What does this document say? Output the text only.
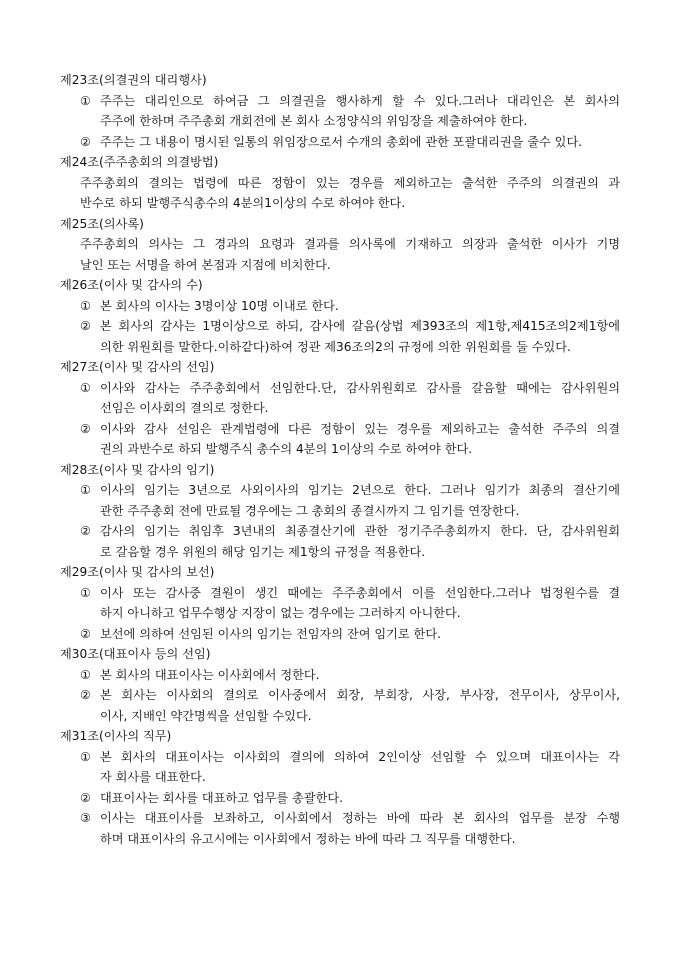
제23조(의결권의 대리행사)
① 주주는 대리인으로 하여금 그 의결권을 행사하게 할 수 있다.그러나 대리인은 본 회사의
주주에 한하며 주주총회 개회전에 본 회사 소정양식의 위임장을 제출하여야 한다.
② 주주는 그 내용이 명시된 일통의 위임장으로서 수개의 총회에 관한 포괄대리권을 줄수 있다.
제24조(주주총회의 의결방법)
주주총회의 결의는 법령에 따른 정함이 있는 경우를 제외하고는 출석한 주주의 의결권의 과
반수로 하되 발행주식총수의 4분의1이상의 수로 하여야 한다.
제25조(의사록)
주주총회의 의사는 그 경과의 요령과 결과를 의사록에 기재하고 의장과 출석한 이사가 기명
날인 또는 서명을 하여 본점과 지점에 비치한다.
제26조(이사 및 감사의 수)
① 본 회사의 이사는 3명이상 10명 이내로 한다.
② 본 회사의 감사는 1명이상으로 하되, 감사에 갈음(상법 제393조의 제1항,제415조의2제1항에
의한 위원회를 말한다.이하같다)하여 정관 제36조의2의 규정에 의한 위원회를 둘 수있다.
제27조(이사 및 감사의 선임)
① 이사와 감사는 주주총회에서 선임한다.단, 감사위원회로 감사를 갈음할 때에는 감사위원의
선임은 이사회의 결의로 정한다.
② 이사와 감사 선임은 관계법령에 다른 정함이 있는 경우를 제외하고는 출석한 주주의 의결
권의 과반수로 하되 발행주식 총수의 4분의 1이상의 수로 하여야 한다.
제28조(이사 및 감사의 임기)
① 이사의 임기는 3년으로 사외이사의 임기는 2년으로 한다. 그러나 임기가 최종의 결산기에
관한 주주총회 전에 만료될 경우에는 그 총회의 종결시까지 그 임기를 연장한다.
② 감사의 임기는 취임후 3년내의 최종결산기에 관한 정기주주총회까지 한다. 단, 감사위원회
로 갈음할 경우 위원의 해당 임기는 제1항의 규정을 적용한다.
제29조(이사 및 감사의 보선)
① 이사 또는 감사중 결원이 생긴 때에는 주주총회에서 이를 선임한다.그러나 법정원수를 결
하지 아니하고 업무수행상 지장이 없는 경우에는 그러하지 아니한다.
② 보선에 의하여 선임된 이사의 임기는 전임자의 잔여 임기로 한다.
제30조(대표이사 등의 선임)
① 본 회사의 대표이사는 이사회에서 정한다.
② 본 회사는 이사회의 결의로 이사중에서 회장, 부회장, 사장, 부사장, 전무이사, 상무이사,
이사, 지배인 약간명씩을 선임할 수있다.
제31조(이사의 직무)
① 본 회사의 대표이사는 이사회의 결의에 의하여 2인이상 선임할 수 있으며 대표이사는 각
자 회사를 대표한다.
② 대표이사는 회사를 대표하고 업무를 총괄한다.
③ 이사는 대표이사를 보좌하고, 이사회에서 정하는 바에 따라 본 회사의 업무를 분장 수행
하며 대표이사의 유고시에는 이사회에서 정하는 바에 따라 그 직무를 대행한다.
